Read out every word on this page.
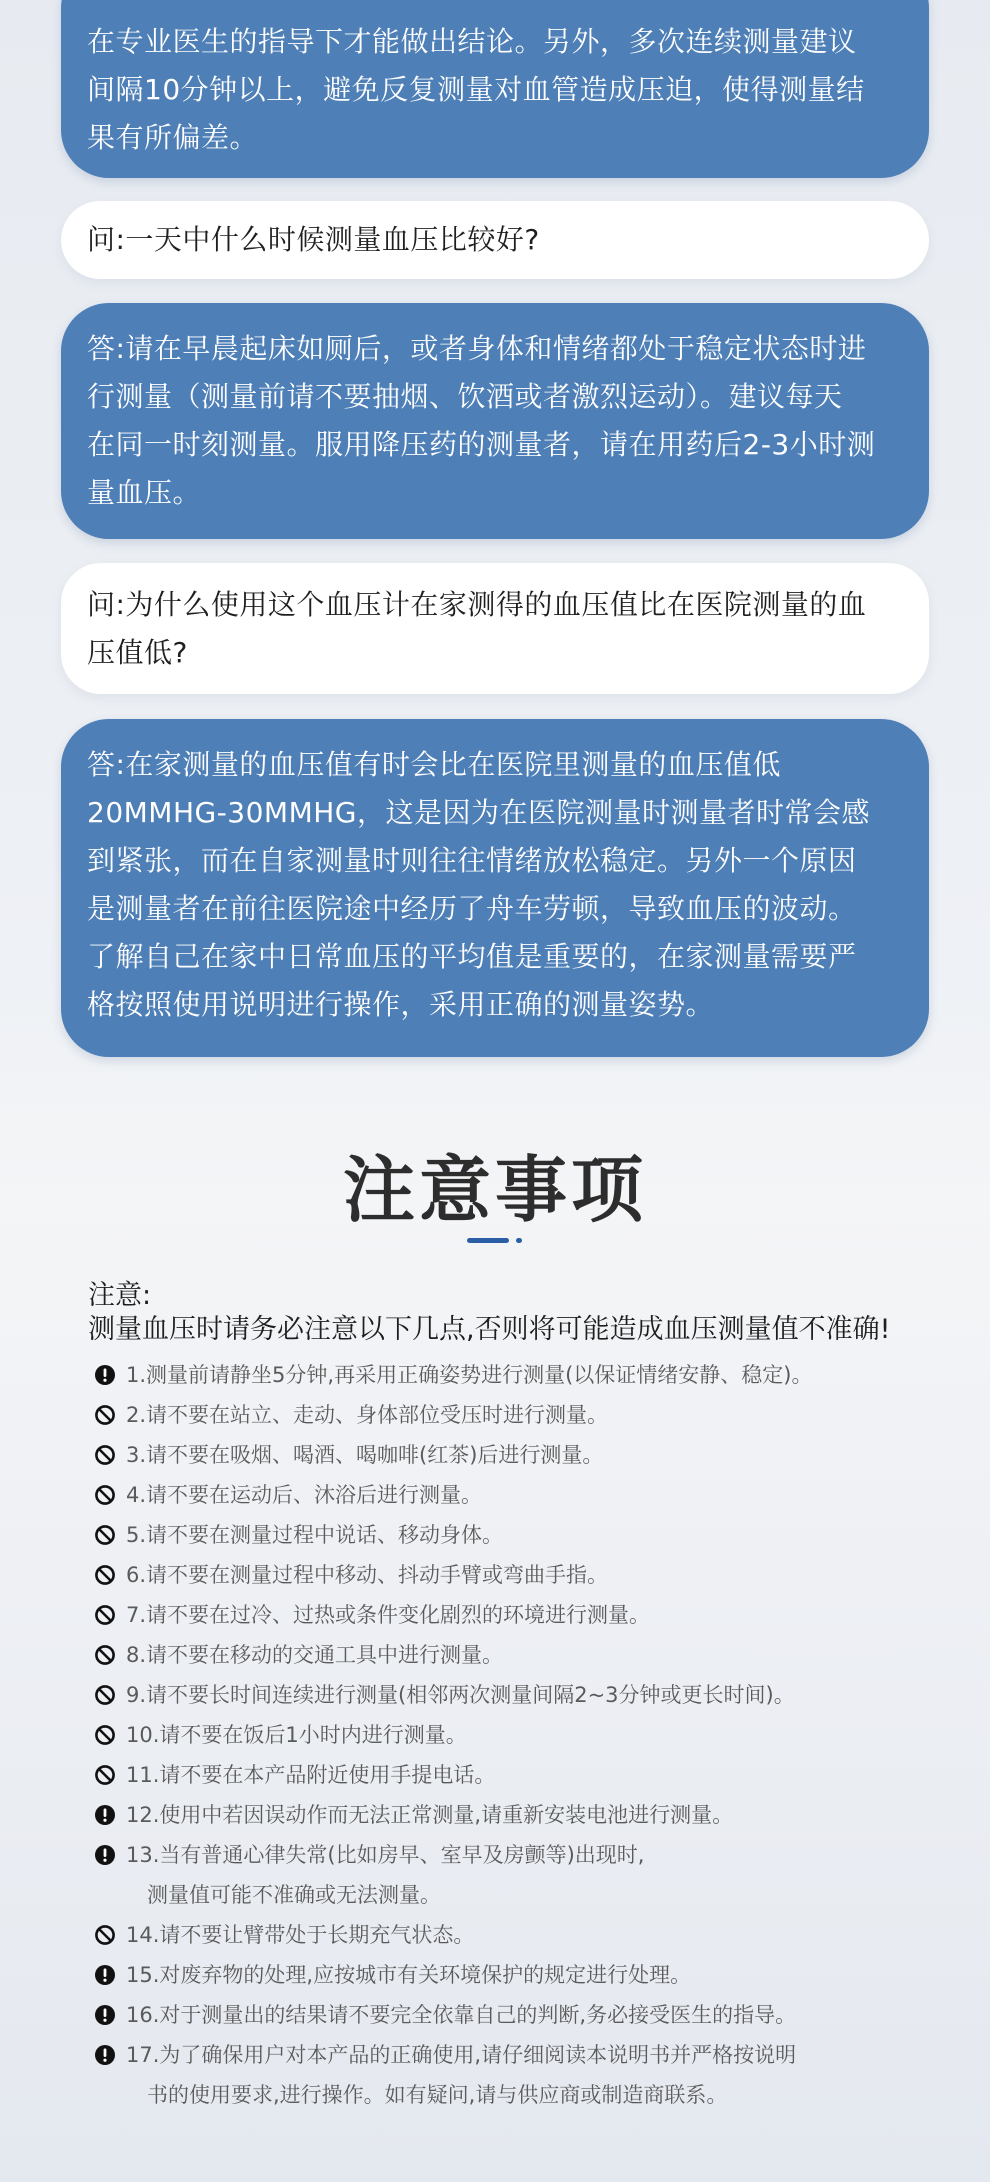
在专业医生的指导下才能做出结论。另外，多次连续测量建议
间隔10分钟以上，避免反复测量对血管造成压迫，使得测量结
果有所偏差。
问:一天中什么时候测量血压比较好?
答:请在早晨起床如厕后，或者身体和情绪都处于稳定状态时进
行测量（测量前请不要抽烟、饮酒或者激烈运动）。建议每天
在同一时刻测量。服用降压药的测量者，请在用药后2-3小时测
量血压。
问:为什么使用这个血压计在家测得的血压值比在医院测量的血
压值低?
答:在家测量的血压值有时会比在医院里测量的血压值低
20MMHG-30MMHG，这是因为在医院测量时测量者时常会感
到紧张，而在自家测量时则往往情绪放松稳定。另外一个原因
是测量者在前往医院途中经历了舟车劳顿，导致血压的波动。
了解自己在家中日常血压的平均值是重要的，在家测量需要严
格按照使用说明进行操作，采用正确的测量姿势。
注意事项
注意:
测量血压时请务必注意以下几点,否则将可能造成血压测量值不准确!
1.测量前请静坐5分钟,再采用正确姿势进行测量(以保证情绪安静、稳定)。
2.请不要在站立、走动、身体部位受压时进行测量。
3.请不要在吸烟、喝酒、喝咖啡(红茶)后进行测量。
4.请不要在运动后、沐浴后进行测量。
5.请不要在测量过程中说话、移动身体。
6.请不要在测量过程中移动、抖动手臂或弯曲手指。
7.请不要在过冷、过热或条件变化剧烈的环境进行测量。
8.请不要在移动的交通工具中进行测量。
9.请不要长时间连续进行测量(相邻两次测量间隔2~3分钟或更长时间)。
10.请不要在饭后1小时内进行测量。
11.请不要在本产品附近使用手提电话。
12.使用中若因误动作而无法正常测量,请重新安装电池进行测量。
13.当有普通心律失常(比如房早、室早及房颤等)出现时,
测量值可能不准确或无法测量。
14.请不要让臂带处于长期充气状态。
15.对废弃物的处理,应按城市有关环境保护的规定进行处理。
16.对于测量出的结果请不要完全依靠自己的判断,务必接受医生的指导。
17.为了确保用户对本产品的正确使用,请仔细阅读本说明书并严格按说明
书的使用要求,进行操作。如有疑问,请与供应商或制造商联系。
